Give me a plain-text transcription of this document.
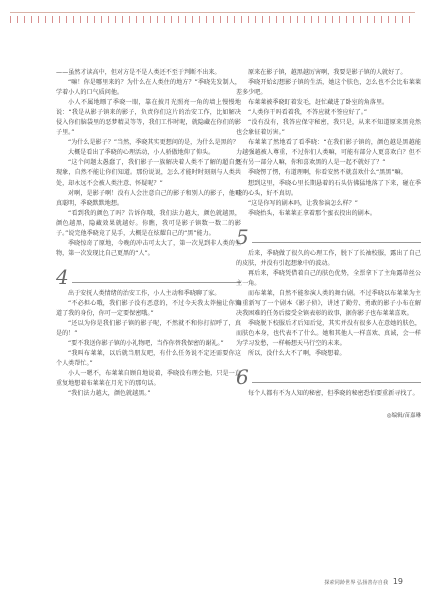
——虽然才读高中，但对方是不是人类还不至于判断不出来。

“嘛！你是哪里来的？为什么在人类住的地方？”季晓先发制人，学着小人的口气质问他。

小人不属地瞟了季晓一眼，靠在披月光照亮一角的墙上慢慢地说：“我是从影子镇来的影子，负责你们这片的治安工作，比如解决侵入你们脑袋里的恶梦精灵等等，我们工作时呢，就隐藏在你们的影子里。”

“为什么是影子？”当然，季晓其实更想问的是，为什么是黑的？

大概是看出了季晓的心理活动，小人骄傲地仰了仰头。

“这个问题太愚蠢了，我们影子一族解决着人类不了解的超自然现象，自然不能让你们知道。那份说说，怎么才能时时刻刻与人类共处，却永远不会被人类注意、怀疑呢？”

对啊，是影子啊！没有人会注意自己的影子和别人的影子，他可真聪明，季晓默默地想。

“看到我的颜色了吗？告诉你哦，我们法力越大，颜色就越黑，颜色越黑，隐藏效果就越好。你瞧，我可是影子镇数一数二的影子。”说完他季晓竟了晃手，大概是在炫耀自己的“黑”能力。

季晓惊奇了原地，今晚的冲击可太大了，第一次见到非人类的生物，第一次发现比自己更黑的“人”。

4

出于安抚人类情绪的治安工作，小人主动和季晓聊了家。

“不必担心哦，我们影子没有恶意的，不过今天我太莽撞让你知道了我的身份，你可一定要保密哦。”

“还以为你是我们影子镇的影子呢，不然就不和你打招呼了，真是的！”

“要不我送你影子镇的小礼物吧，当作你替我保密的谢礼。”

“我叫布莱莱，以后就当朋友吧，有什么任务说不定还需要你这个人类帮忙。”

小人一嗯不，布莱莱自顾自地说着，季晓没有理会他，只是一直重复地想着布莱莱在月光下的那句话。

“我们法力越大，颜色就越黑。”

原来在影子镇，越黑越厉害啊，我要是影子镇的人就好了。

季晓开始幻想影子镇的生活，她这个肤色，怎么也不会比布莱莱差多少吧。

布莱莱被季晓盯着发毛，赶忙藏进了卧室的角落里。

“人类你干吗看着我，不答应就不签应好了。”

“没有没有，我答应保守秘密，我只是，从来不知道原来黑竟然也会象征着厉害。”

布莱莱了然地看了看季晓：“在我们影子镇的，颜色越是黑越能力越强越被人尊重，不过你们人类嘛，可能有部分人更喜欢白？但不还有另一部分人嘛，你和喜欢黑的人是一起不就好了？”

季晓愣了愣，有道理啊，你看安然不就喜欢什么“黑黑”嘛。

想到这里，季晓心里长期悬着的石头仿佛猛地落了下来，碰在季晓的心头，好不真切。

“这是你写的剧本吗，让我参演怎么样？”

季晓抬头，布莱莱正拿着那个蜜衣投出的剧本。

5

后来，季晓做了很久的心理工作，脱下了长袖校服，露出了自己的皮肤，并没有引起想象中的波动。

再后来，季晓凭借着自己的肤色优势，全票拿下了主角露蒂丝公主一角。

而布莱莱，自然不能参演人类的舞台剧。不过季晓以布莱莱为主角重新写了一个剧本《影子侦》，讲述了勤劳、勇敢的影子小布在解决我困难的任务后接受全镇表彰的故事，据你影子也布莱莱喜欢。

季晓脱下校服后才后知后觉，其实并没有很多人在意她的肤色，而肤色本身，也代表不了什么。她和其他人一样喜欢、真诚，会一样为学习发愁，一样畅想天马行空的未来。

所以，没什么大不了啊，季晓想着。

6

每个人都有不为人知的秘密，但季晓的秘密恐怕要重新寻找了。

◎编辑/苗嘉琳
探索同龄世界 弘扬善存自我 19
